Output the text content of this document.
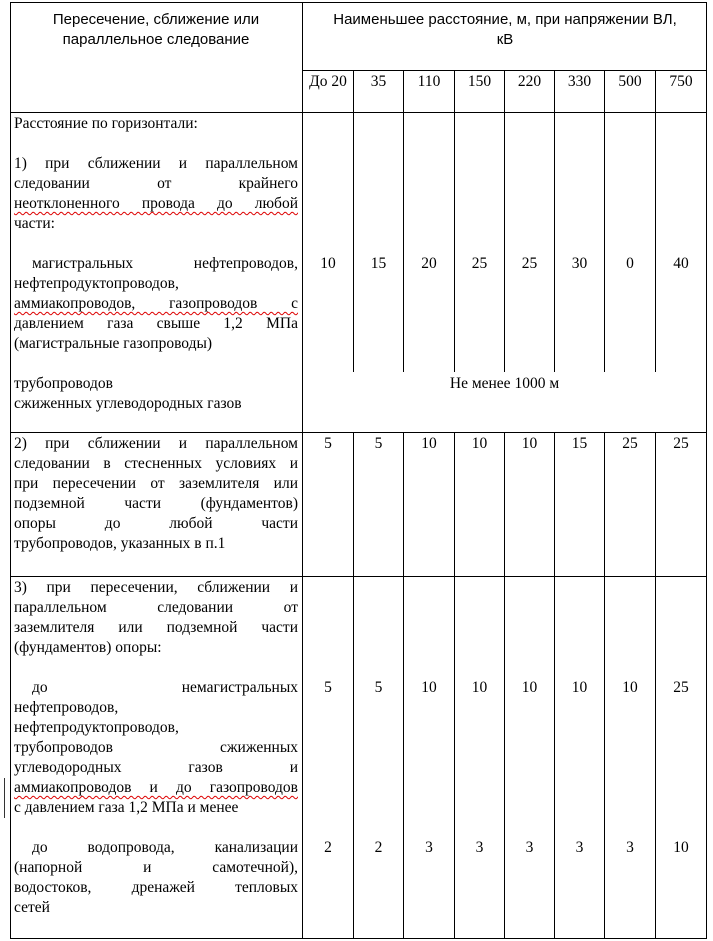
Пересечение, сближение или параллельное следование
Наименьшее расстояние, м, при напряжении ВЛ,
кВ
До 20	35	110	150	220	330	500	750
Расстояние по горизонтали:
1) при сближении и параллельном
следовании от крайнего
неотклоненного провода до любой
части:
магистральных нефтепроводов,
нефтепродуктопроводов,
аммиакопроводов, газопроводов с
давлением газа свыше 1,2 МПа
(магистральные газопроводы)
10	15	20	25	25	30	0	40
трубопроводов
сжиженных углеводородных газов
Не менее 1000 м
2) при сближении и параллельном
следовании в стесненных условиях и
при пересечении от заземлителя или
подземной части (фундаментов)
опоры до любой части
трубопроводов, указанных в п.1
5	5	10	10	10	15	25	25
3) при пересечении, сближении и
параллельном следовании от
заземлителя или подземной части
(фундаментов) опоры:
до немагистральных
нефтепроводов,
нефтепродуктопроводов,
трубопроводов сжиженных
углеводородных газов и
аммиакопроводов и до газопроводов
с давлением газа 1,2 МПа и менее
5	5	10	10	10	10	10	25
до водопровода, канализации
(напорной и самотечной),
водостоков, дренажей тепловых
сетей
2	2	3	3	3	3	3	10
